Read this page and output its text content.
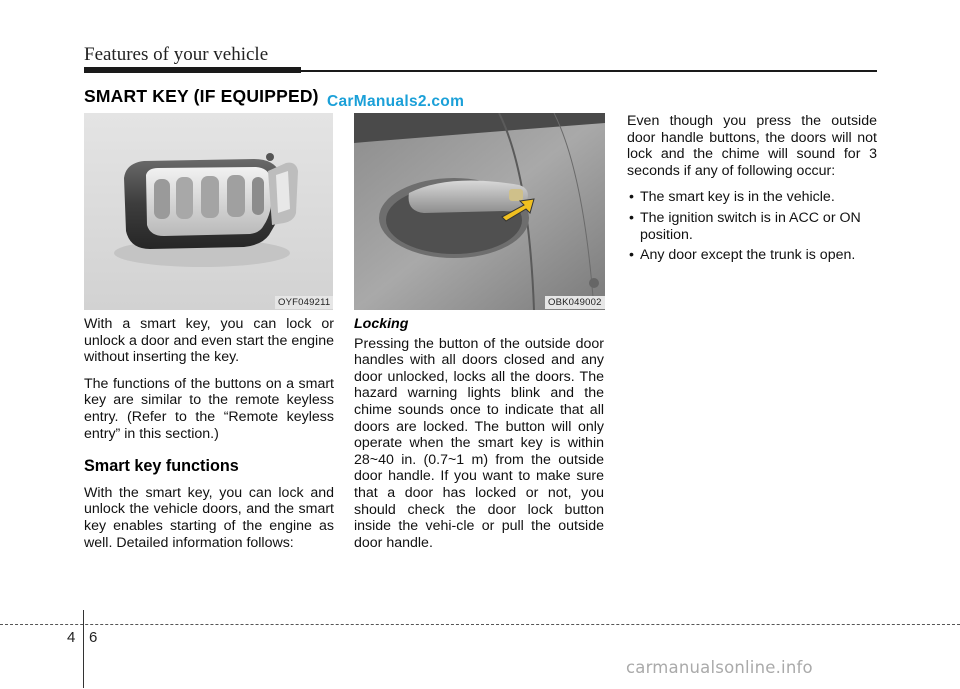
Features of your vehicle
SMART KEY (IF EQUIPPED) CarManuals2.com
OYF049211	OBK049002

With a smart key, you can lock or unlock a door and even start the engine without inserting the key.

The functions of the buttons on a smart key are similar to the remote keyless entry. (Refer to the “Remote keyless entry” in this section.)

Smart key functions

With the smart key, you can lock and unlock the vehicle doors, and the smart key enables starting of the engine as well. Detailed information follows:

Locking

Pressing the button of the outside door handles with all doors closed and any door unlocked, locks all the doors. The hazard warning lights blink and the chime sounds once to indicate that all doors are locked. The button will only operate when the smart key is within 28~40 in. (0.7~1 m) from the outside door handle. If you want to make sure that a door has locked or not, you should check the door lock button inside the vehi-cle or pull the outside door handle.

Even though you press the outside door handle buttons, the doors will not lock and the chime will sound for 3 seconds if any of following occur:

• The smart key is in the vehicle.
• The ignition switch is in ACC or ON position.
• Any door except the trunk is open.
4 6
carmanualsonline.info
